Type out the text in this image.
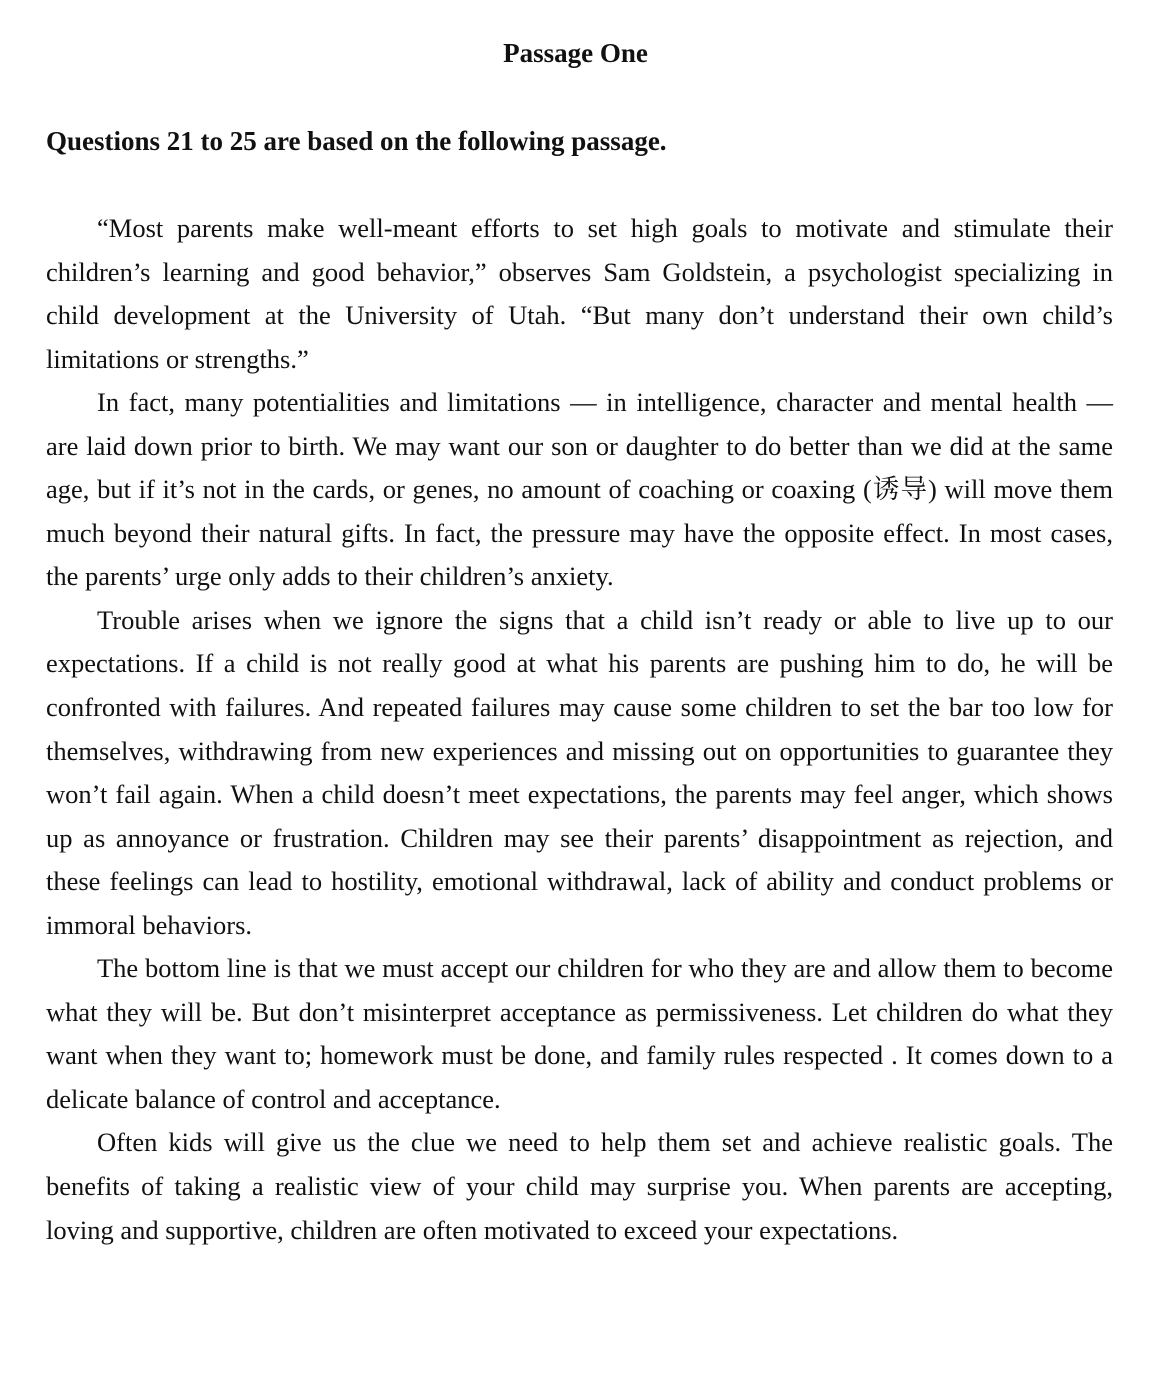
Passage One
Questions 21 to 25 are based on the following passage.

“Most parents make well-meant efforts to set high goals to motivate and stimulate their children’s learning and good behavior,” observes Sam Goldstein, a psychologist specializing in child development at the University of Utah. “But many don’t understand their own child’s limitations or strengths.”

In fact, many potentialities and limitations — in intelligence, character and mental health — are laid down prior to birth. We may want our son or daughter to do better than we did at the same age, but if it’s not in the cards, or genes, no amount of coaching or coaxing (诱导) will move them much beyond their natural gifts. In fact, the pressure may have the opposite effect. In most cases, the parents’ urge only adds to their children’s anxiety.

Trouble arises when we ignore the signs that a child isn’t ready or able to live up to our expectations. If a child is not really good at what his parents are pushing him to do, he will be confronted with failures. And repeated failures may cause some children to set the bar too low for themselves, withdrawing from new experiences and missing out on opportunities to guarantee they won’t fail again. When a child doesn’t meet expectations, the parents may feel anger, which shows up as annoyance or frustration. Children may see their parents’ disappointment as rejection, and these feelings can lead to hostility, emotional withdrawal, lack of ability and conduct problems or immoral behaviors.

The bottom line is that we must accept our children for who they are and allow them to become what they will be. But don’t misinterpret acceptance as permissiveness. Let children do what they want when they want to; homework must be done, and family rules respected . It comes down to a delicate balance of control and acceptance.

Often kids will give us the clue we need to help them set and achieve realistic goals. The benefits of taking a realistic view of your child may surprise you. When parents are accepting, loving and supportive, children are often motivated to exceed your expectations.
